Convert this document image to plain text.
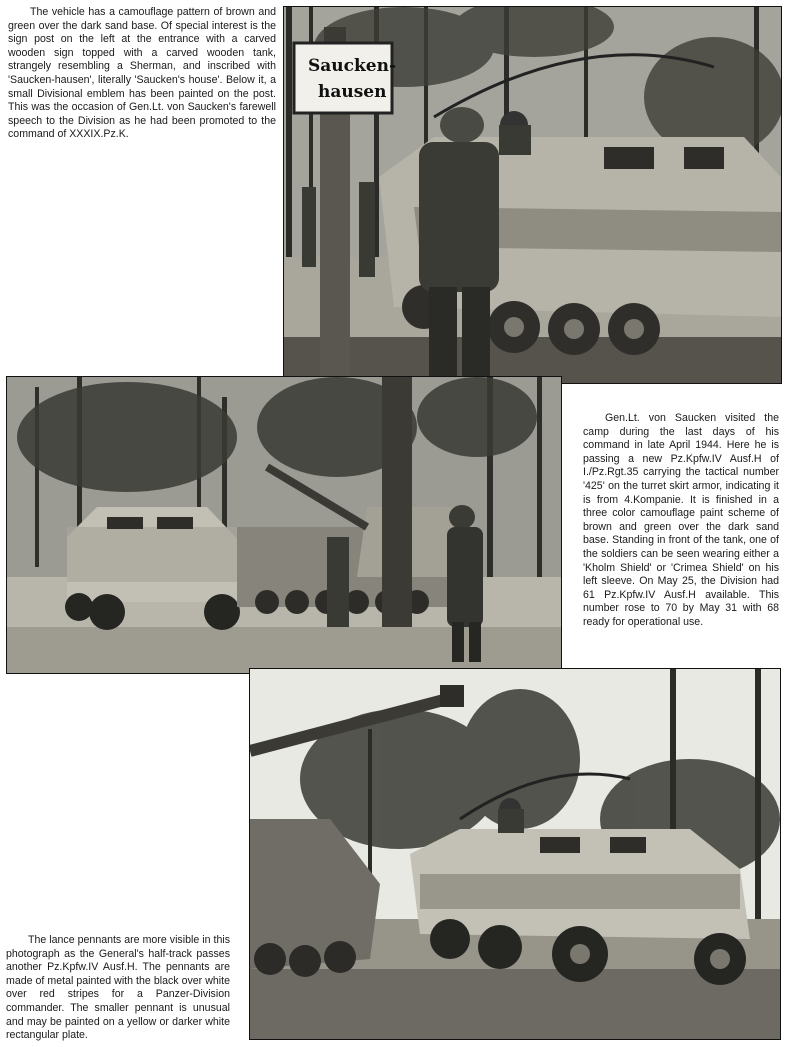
The vehicle has a camouflage pattern of brown and green over the dark sand base. Of special interest is the sign post on the left at the entrance with a carved wooden sign topped with a carved wooden tank, strangely resembling a Sherman, and inscribed with 'Saucken-hausen', literally 'Saucken's house'. Below it, a small Divisional emblem has been painted on the post. This was the occasion of Gen.Lt. von Saucken's farewell speech to the Division as he had been promoted to the command of XXXIX.Pz.K.

Saucken-
hausen

Gen.Lt. von Saucken visited the camp during the last days of his command in late April 1944. Here he is passing a new Pz.Kpfw.IV Ausf.H of I./Pz.Rgt.35 carrying the tactical number '425' on the turret skirt armor, indicating it is from 4.Kompanie. It is finished in a three color camouflage paint scheme of brown and green over the dark sand base. Standing in front of the tank, one of the soldiers can be seen wearing either a 'Kholm Shield' or 'Crimea Shield' on his left sleeve. On May 25, the Division had 61 Pz.Kpfw.IV Ausf.H available. This number rose to 70 by May 31 with 68 ready for operational use.

The lance pennants are more visible in this photograph as the General's half-track passes another Pz.Kpfw.IV Ausf.H. The pennants are made of metal painted with the black over white over red stripes for a Panzer-Division commander. The smaller pennant is unusual and may be painted on a yellow or darker white rectangular plate.
